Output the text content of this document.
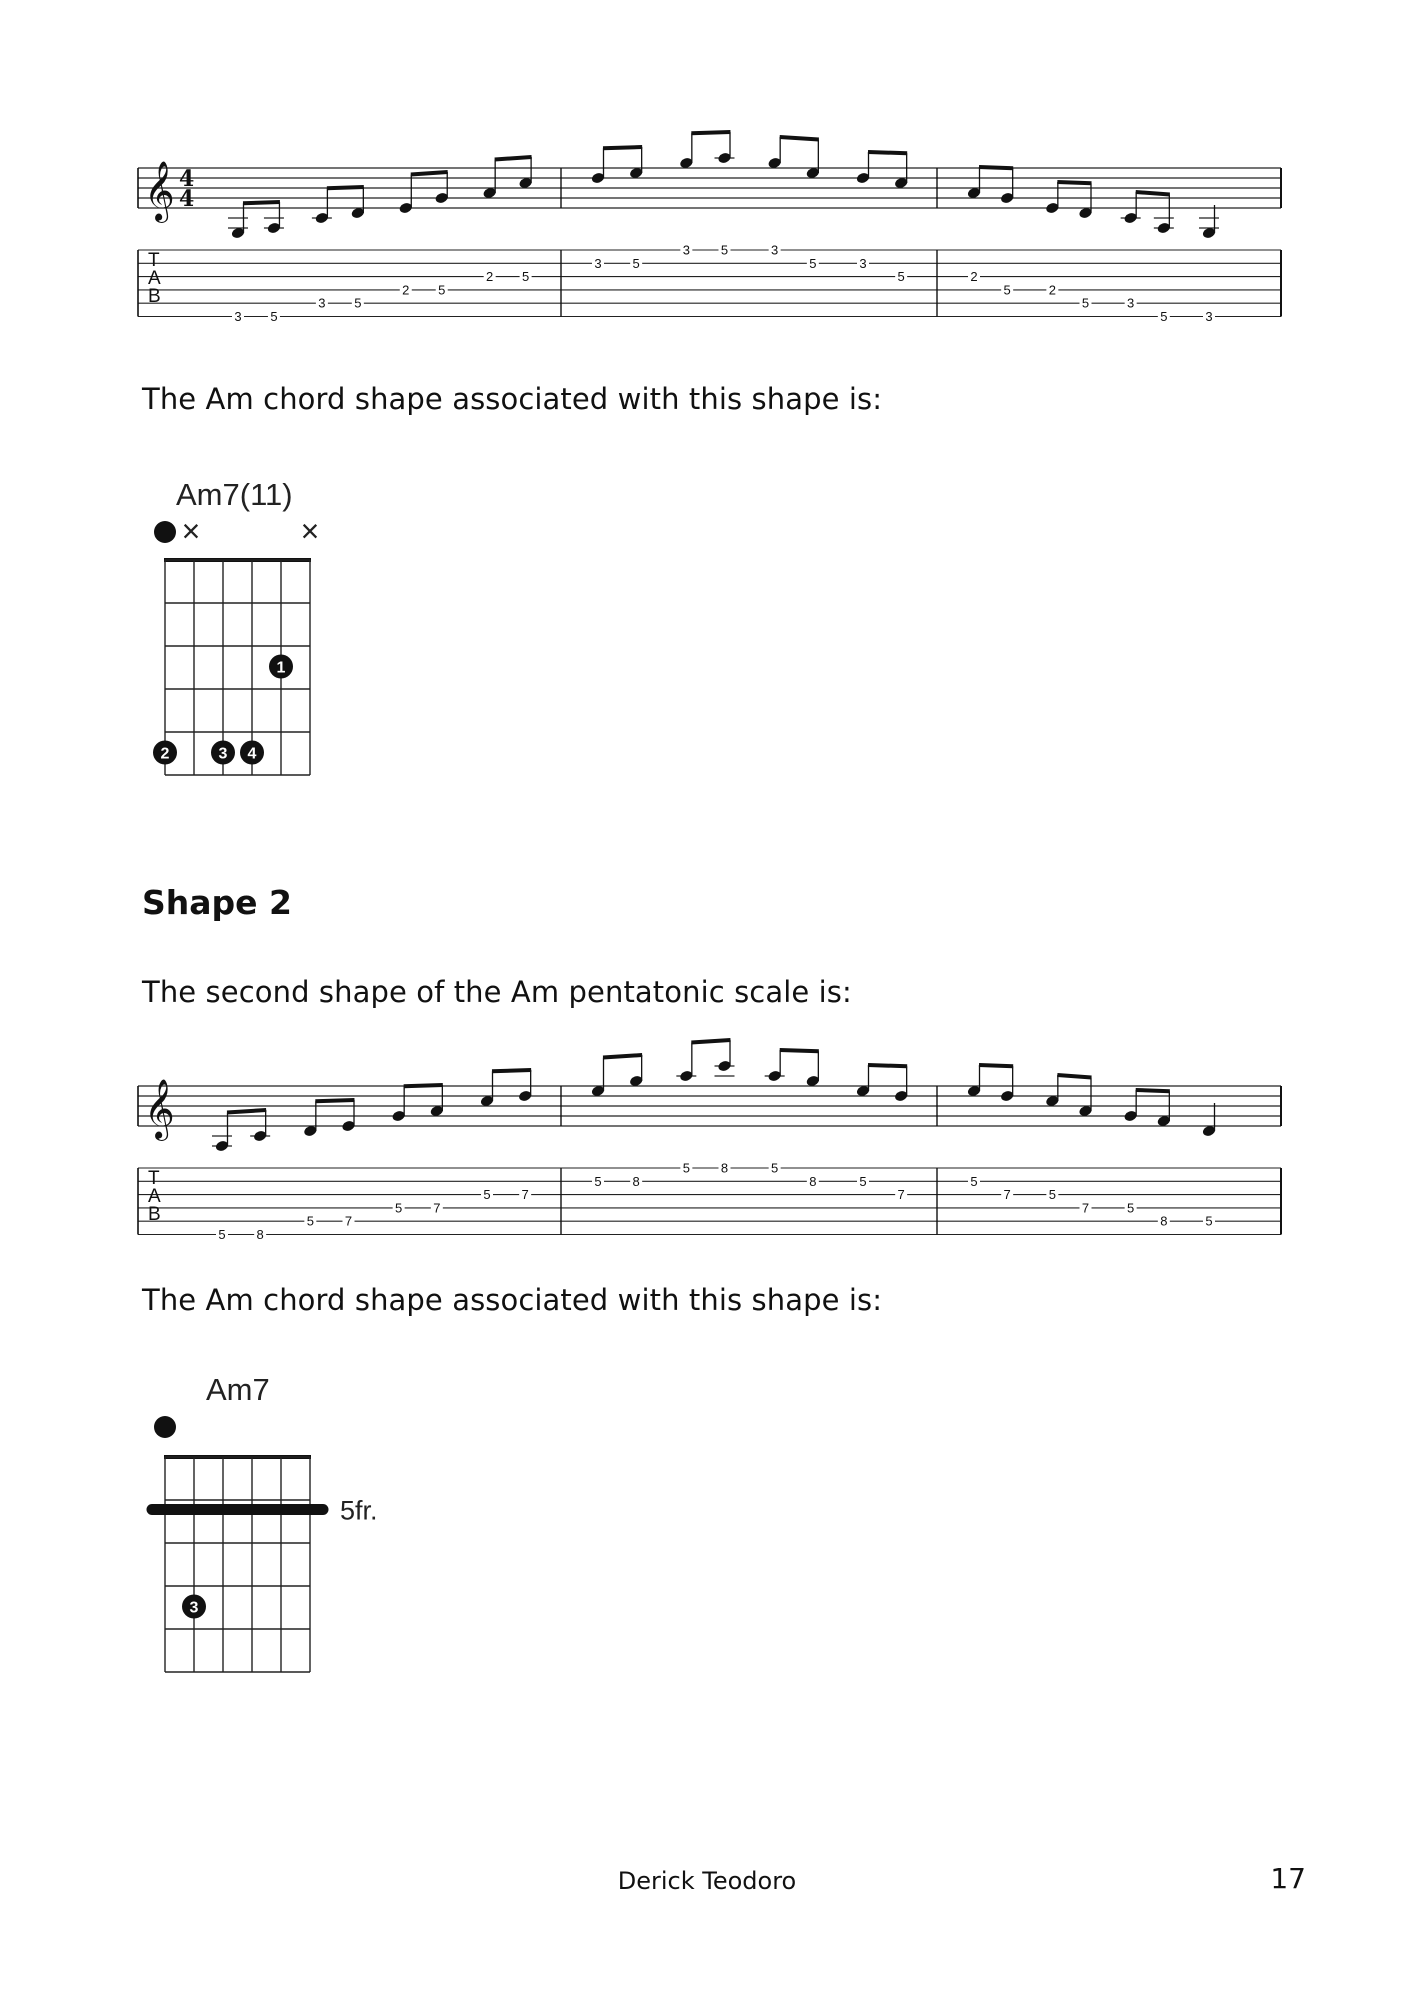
𝄞 4
4
T
A
B
3 5
3 5
2 5
2 5
3 5
3 5	3
5	3
5	2
5	2
5	3
5	3

The Am chord shape associated with this shape is:

Am7(11)
×	×
1
2	3 4
Shape 2

The second shape of the Am pentatonic scale is:

𝄞
T
A
B
5 8
5 7
5 7
5 7
5 8
5 8	5
8	5
7
5
7	5
7	5
8	5

The Am chord shape associated with this shape is:

Am7
5fr.
3
Derick Teodoro	17
